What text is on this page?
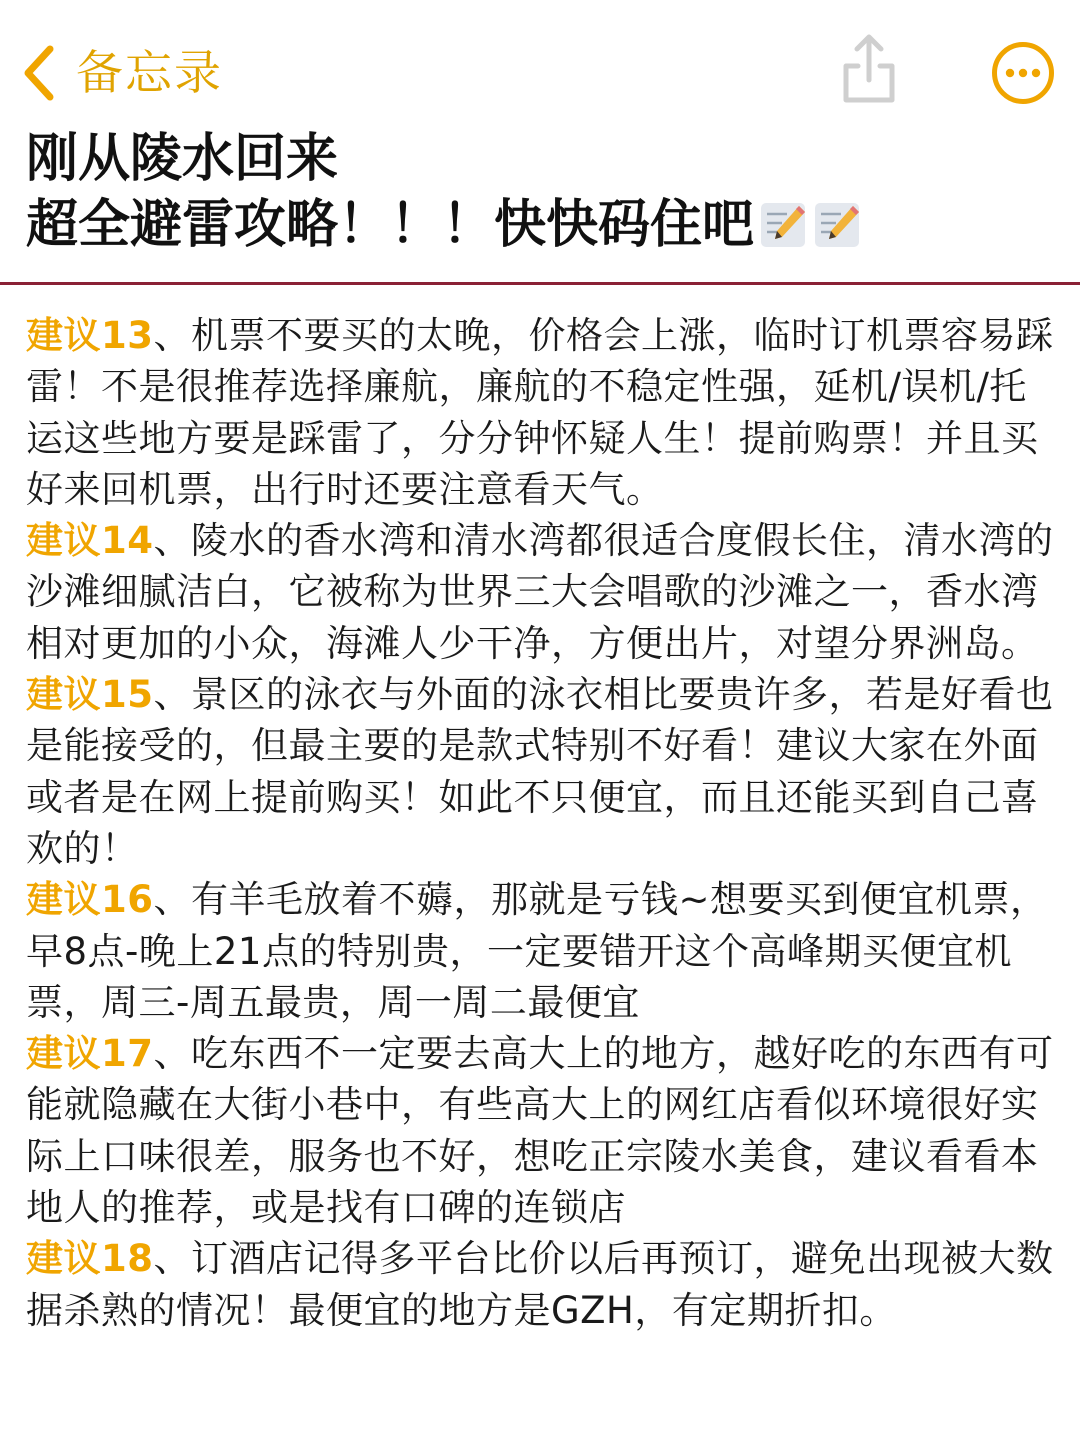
备忘录
刚从陵水回来
超全避雷攻略！！！快快码住吧

建议13、机票不要买的太晚，价格会上涨，临时订机票容易踩雷！不是很推荐选择廉航，廉航的不稳定性强，延机/误机/托运这些地方要是踩雷了，分分钟怀疑人生！提前购票！并且买好来回机票，出行时还要注意看天气。

建议14、陵水的香水湾和清水湾都很适合度假长住，清水湾的沙滩细腻洁白，它被称为世界三大会唱歌的沙滩之一，香水湾相对更加的小众，海滩人少干净，方便出片，对望分界洲岛。

建议15、景区的泳衣与外面的泳衣相比要贵许多，若是好看也是能接受的，但最主要的是款式特别不好看！建议大家在外面或者是在网上提前购买！如此不只便宜，而且还能买到自己喜欢的！

建议16、有羊毛放着不薅，那就是亏钱~想要买到便宜机票，早8点-晚上21点的特别贵，一定要错开这个高峰期买便宜机票，周三-周五最贵，周一周二最便宜

建议17、吃东西不一定要去高大上的地方，越好吃的东西有可能就隐藏在大街小巷中，有些高大上的网红店看似环境很好实际上口味很差，服务也不好，想吃正宗陵水美食，建议看看本地人的推荐，或是找有口碑的连锁店

建议18、订酒店记得多平台比价以后再预订，避免出现被大数据杀熟的情况！最便宜的地方是GZH，有定期折扣。
